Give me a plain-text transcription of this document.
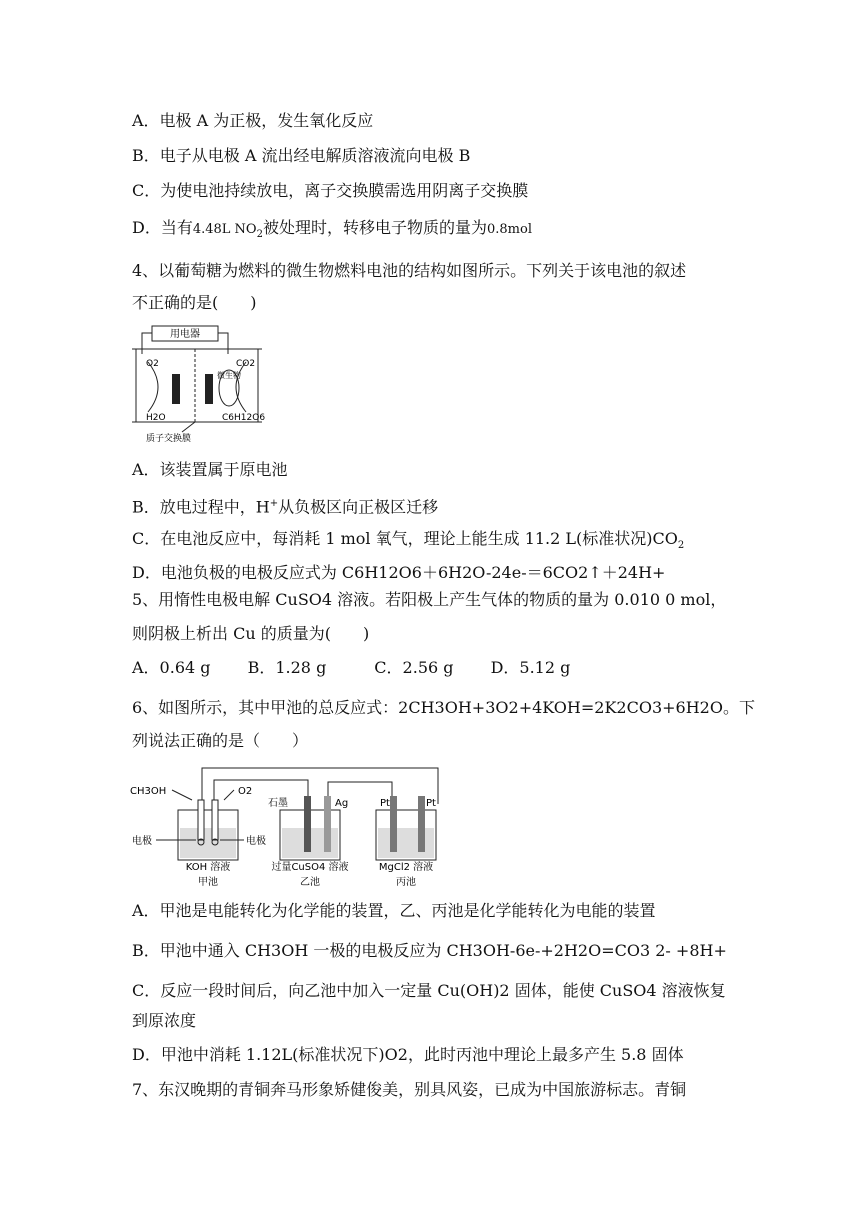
A．电极 A 为正极，发生氧化反应
B．电子从电极 A 流出经电解质溶液流向电极 B
C．为使电池持续放电，离子交换膜需选用阴离子交换膜
D．当有4.48L $NO_2$被处理时，转移电子物质的量为0.8mol
4、以葡萄糖为燃料的微生物燃料电池的结构如图所示。下列关于该电池的叙述
不正确的是(　　)
用电器
微生物
O2	CO2
H2O	C6H12O6
质子交换膜
A．该装置属于原电池
B．放电过程中，H+从负极区向正极区迁移
C．在电池反应中，每消耗 1 mol 氧气，理论上能生成 11.2 L(标准状况)$CO_2$
D．电池负极的电极反应式为 C6H12O6＋6H2O-24e-＝6CO2↑＋24H+
5、用惰性电极电解 CuSO4 溶液。若阳极上产生气体的物质的量为 0.010 0 mol，
则阴极上析出 Cu 的质量为(　　)
A．0.64 g　　 B．1.28 g　　　C．2.56 g　　 D．5.12 g
6、如图所示，其中甲池的总反应式：2CH3OH+3O2+4KOH=2K2CO3+6H2O。下
列说法正确的是（　　）
CH3OH	O2
电极	电极
KOH 溶液
甲池
石墨	Ag
过量CuSO4 溶液
乙池
Pt	Pt
MgCl2 溶液
丙池
A．甲池是电能转化为化学能的装置，乙、丙池是化学能转化为电能的装置
B．甲池中通入 CH3OH 一极的电极反应为 CH3OH-6e-+2H2O=CO3 2- +8H+
C．反应一段时间后，向乙池中加入一定量 Cu(OH)2 固体，能使 CuSO4 溶液恢复
到原浓度
D．甲池中消耗 1.12L(标准状况下)O2，此时丙池中理论上最多产生 5.8 固体
7、东汉晚期的青铜奔马形象矫健俊美，别具风姿，已成为中国旅游标志。青铜
